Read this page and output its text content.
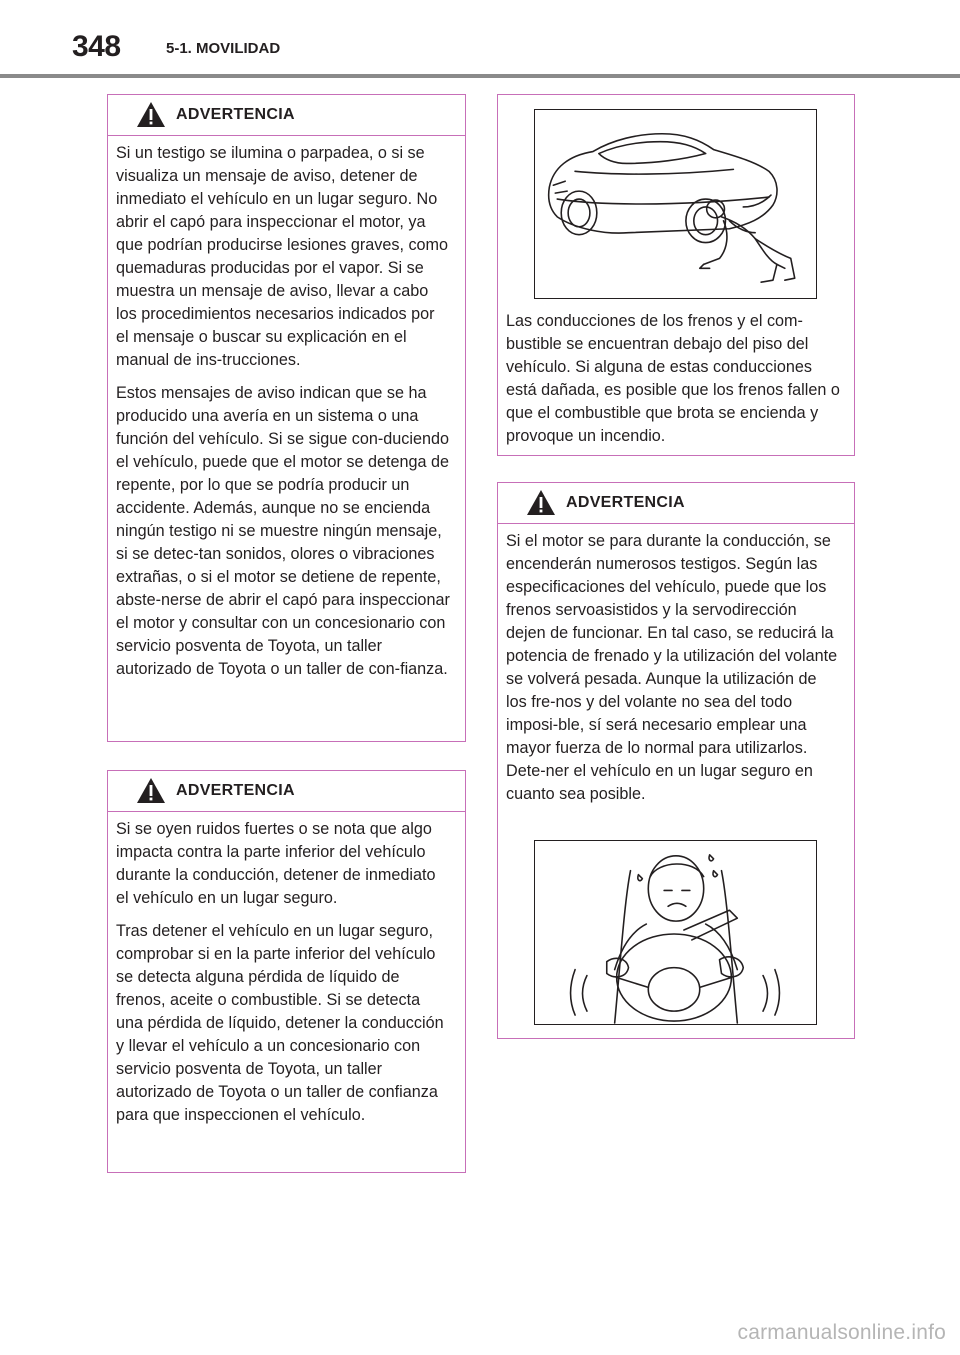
348	5-1. MOVILIDAD
ADVERTENCIA

Si un testigo se ilumina o parpadea, o si se visualiza un mensaje de aviso, detener de inmediato el vehículo en un lugar seguro. No abrir el capó para inspeccionar el motor, ya que podrían producirse lesiones graves, como quemaduras producidas por el vapor. Si se muestra un mensaje de aviso, llevar a cabo los procedimientos necesarios indicados por el mensaje o buscar su explicación en el manual de ins-trucciones.

Estos mensajes de aviso indican que se ha producido una avería en un sistema o una función del vehículo. Si se sigue con-duciendo el vehículo, puede que el motor se detenga de repente, por lo que se podría producir un accidente. Además, aunque no se encienda ningún testigo ni se muestre ningún mensaje, si se detec-tan sonidos, olores o vibraciones extrañas, o si el motor se detiene de repente, abste-nerse de abrir el capó para inspeccionar el motor y consultar con un concesionario con servicio posventa de Toyota, un taller autorizado de Toyota o un taller de con-fianza.

ADVERTENCIA

Si se oyen ruidos fuertes o se nota que algo impacta contra la parte inferior del vehículo durante la conducción, detener de inmediato el vehículo en un lugar seguro.

Tras detener el vehículo en un lugar seguro, comprobar si en la parte inferior del vehículo se detecta alguna pérdida de líquido de frenos, aceite o combustible. Si se detecta una pérdida de líquido, detener la conducción y llevar el vehículo a un concesionario con servicio posventa de Toyota, un taller autorizado de Toyota o un taller de confianza para que inspeccionen el vehículo.

Las conducciones de los frenos y el com-bustible se encuentran debajo del piso del vehículo. Si alguna de estas conducciones está dañada, es posible que los frenos fallen o que el combustible que brota se encienda y provoque un incendio.

ADVERTENCIA

Si el motor se para durante la conducción, se encenderán numerosos testigos. Según las especificaciones del vehículo, puede que los frenos servoasistidos y la servodirección dejen de funcionar. En tal caso, se reducirá la potencia de frenado y la utilización del volante se volverá pesada. Aunque la utilización de los fre-nos y del volante no sea del todo imposi-ble, sí será necesario emplear una mayor fuerza de lo normal para utilizarlos. Dete-ner el vehículo en un lugar seguro en cuanto sea posible.

carmanualsonline.info
